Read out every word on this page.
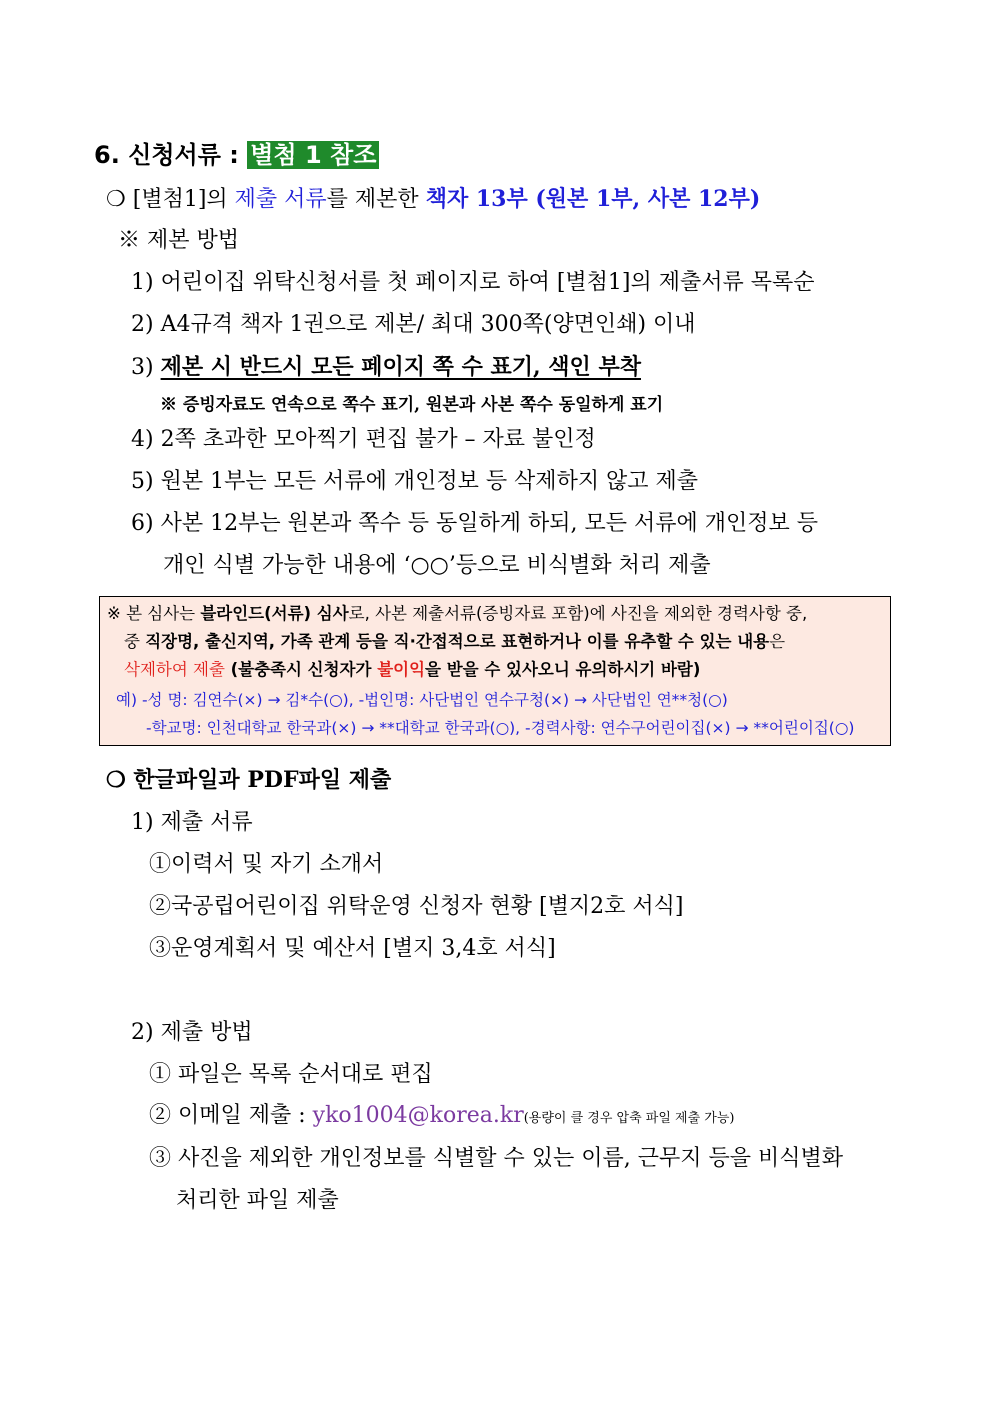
6. 신청서류 : 별첨 1 참조
❍ [별첨1]의 제출 서류를 제본한 책자 13부 (원본 1부, 사본 12부)
※ 제본 방법
1) 어린이집 위탁신청서를 첫 페이지로 하여 [별첨1]의 제출서류 목록순
2) A4규격 책자 1권으로 제본/ 최대 300쪽(양면인쇄) 이내
3) 제본 시 반드시 모든 페이지 쪽 수 표기, 색인 부착
※ 증빙자료도 연속으로 쪽수 표기, 원본과 사본 쪽수 동일하게 표기
4) 2쪽 초과한 모아찍기 편집 불가 – 자료 불인정
5) 원본 1부는 모든 서류에 개인정보 등 삭제하지 않고 제출
6) 사본 12부는 원본과 쪽수 등 동일하게 하되, 모든 서류에 개인정보 등
개인 식별 가능한 내용에 ‘○○’등으로 비식별화 처리 제출
※ 본 심사는 블라인드(서류) 심사로, 사본 제출서류(증빙자료 포함)에 사진을 제외한 경력사항 중,
중 직장명, 출신지역, 가족 관계 등을 직·간접적으로 표현하거나 이를 유추할 수 있는 내용은
삭제하여 제출 (불충족시 신청자가 불이익을 받을 수 있사오니 유의하시기 바람)
예) -성 명: 김연수(×) → 김*수(○), -법인명: 사단법인 연수구청(×) → 사단법인 연**청(○)
-학교명: 인천대학교 한국과(×) → **대학교 한국과(○), -경력사항: 연수구어린이집(×) → **어린이집(○)
❍ 한글파일과 PDF파일 제출
1) 제출 서류
①이력서 및 자기 소개서
②국공립어린이집 위탁운영 신청자 현황 [별지2호 서식]
③운영계획서 및 예산서 [별지 3,4호 서식]
2) 제출 방법
① 파일은 목록 순서대로 편집
② 이메일 제출 : yko1004@korea.kr(용량이 클 경우 압축 파일 제출 가능)
③ 사진을 제외한 개인정보를 식별할 수 있는 이름, 근무지 등을 비식별화
처리한 파일 제출
